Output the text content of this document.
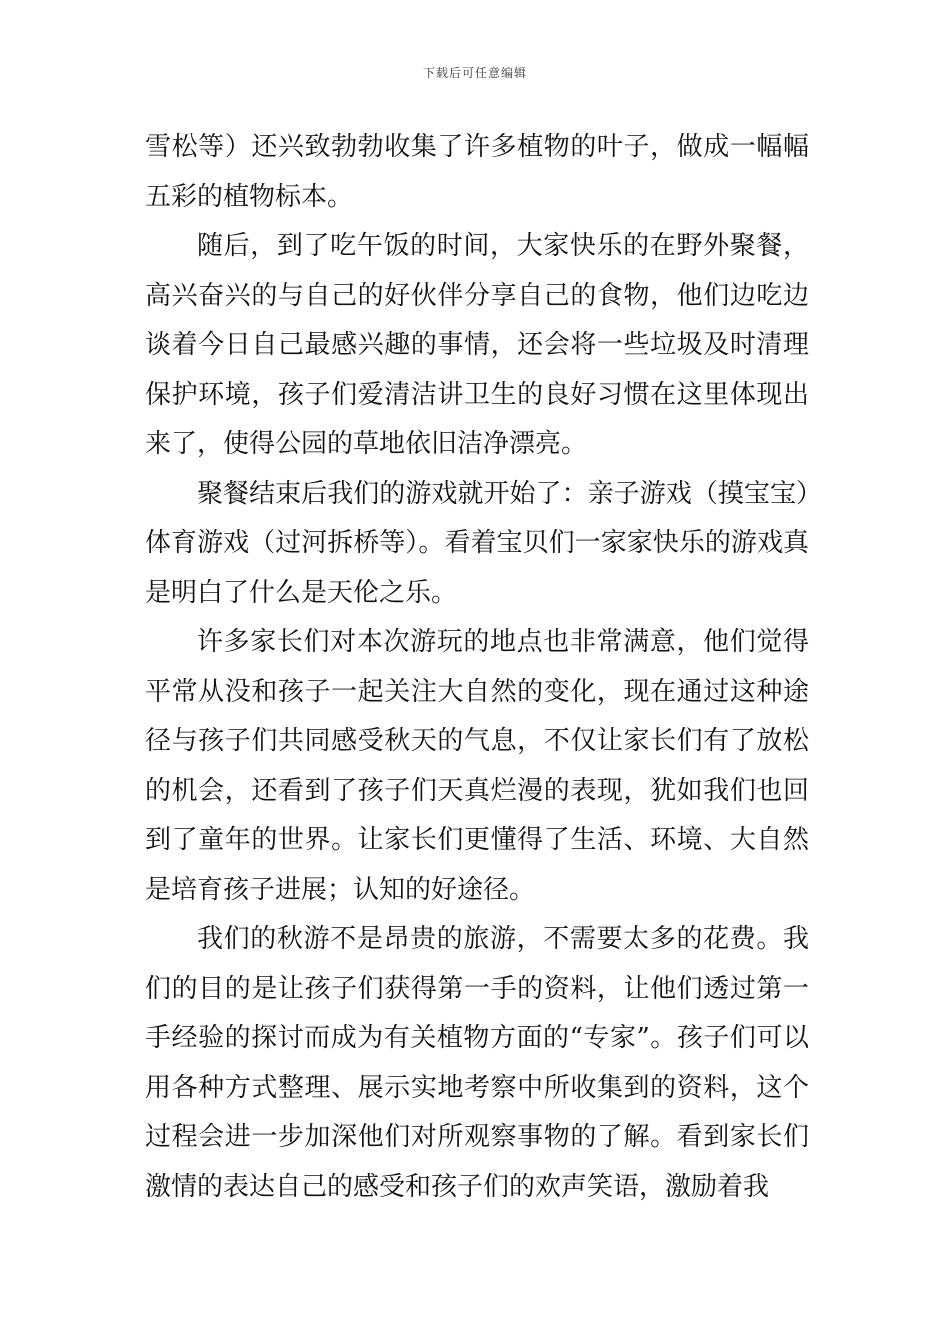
下载后可任意编辑

雪松等）还兴致勃勃收集了许多植物的叶子，做成一幅幅五彩的植物标本。

随后，到了吃午饭的时间，大家快乐的在野外聚餐，高兴奋兴的与自己的好伙伴分享自己的食物，他们边吃边谈着今日自己最感兴趣的事情，还会将一些垃圾及时清理保护环境，孩子们爱清洁讲卫生的良好习惯在这里体现出来了，使得公园的草地依旧洁净漂亮。

聚餐结束后我们的游戏就开始了：亲子游戏（摸宝宝）体育游戏（过河拆桥等）。看着宝贝们一家家快乐的游戏真是明白了什么是天伦之乐。

许多家长们对本次游玩的地点也非常满意，他们觉得平常从没和孩子一起关注大自然的变化，现在通过这种途径与孩子们共同感受秋天的气息，不仅让家长们有了放松的机会，还看到了孩子们天真烂漫的表现，犹如我们也回到了童年的世界。让家长们更懂得了生活、环境、大自然是培育孩子进展；认知的好途径。

我们的秋游不是昂贵的旅游，不需要太多的花费。我们的目的是让孩子们获得第一手的资料，让他们透过第一手经验的探讨而成为有关植物方面的“专家”。孩子们可以用各种方式整理、展示实地考察中所收集到的资料，这个过程会进一步加深他们对所观察事物的了解。看到家长们激情的表达自己的感受和孩子们的欢声笑语，激励着我
